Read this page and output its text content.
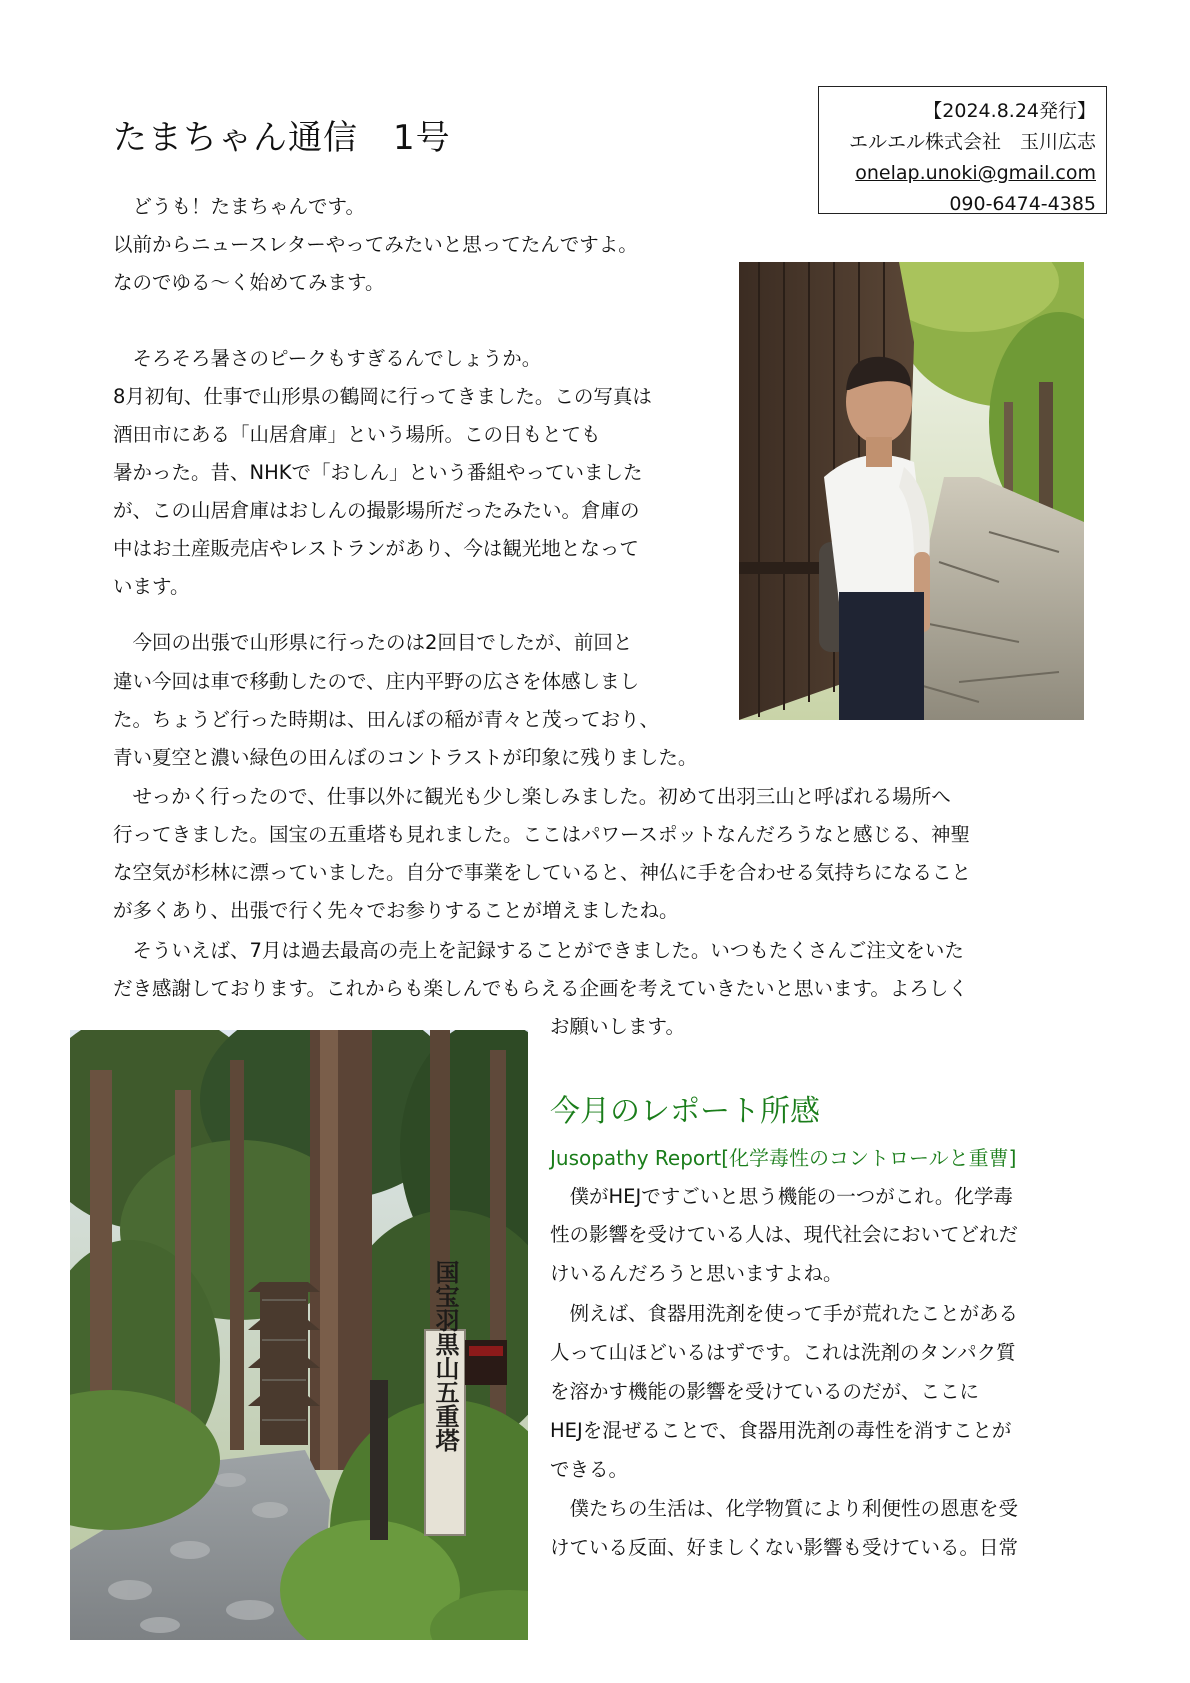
たまちゃん通信　1号
【2024.8.24発行】
エルエル株式会社　玉川広志
onelap.unoki@gmail.com
090-6474-4385
　どうも！たまちゃんです。
以前からニュースレターやってみたいと思ってたんですよ。
なのでゆる〜く始めてみます。
　そろそろ暑さのピークもすぎるんでしょうか。
8月初旬、仕事で山形県の鶴岡に行ってきました。この写真は
酒田市にある「山居倉庫」という場所。この日もとても
暑かった。昔、NHKで「おしん」という番組やっていました
が、この山居倉庫はおしんの撮影場所だったみたい。倉庫の
中はお土産販売店やレストランがあり、今は観光地となって
います。
　今回の出張で山形県に行ったのは2回目でしたが、前回と
違い今回は車で移動したので、庄内平野の広さを体感しまし
た。ちょうど行った時期は、田んぼの稲が青々と茂っており、
青い夏空と濃い緑色の田んぼのコントラストが印象に残りました。
　せっかく行ったので、仕事以外に観光も少し楽しみました。初めて出羽三山と呼ばれる場所へ
行ってきました。国宝の五重塔も見れました。ここはパワースポットなんだろうなと感じる、神聖
な空気が杉林に漂っていました。自分で事業をしていると、神仏に手を合わせる気持ちになること
が多くあり、出張で行く先々でお参りすることが増えましたね。
　そういえば、7月は過去最高の売上を記録することができました。いつもたくさんご注文をいた
だき感謝しております。これからも楽しんでもらえる企画を考えていきたいと思います。よろしく
お願いします。
今月のレポート所感
Jusopathy Report[化学毒性のコントロールと重曹]
　僕がHEJですごいと思う機能の一つがこれ。化学毒
性の影響を受けている人は、現代社会においてどれだ
けいるんだろうと思いますよね。
　例えば、食器用洗剤を使って手が荒れたことがある
人って山ほどいるはずです。これは洗剤のタンパク質
を溶かす機能の影響を受けているのだが、ここに
HEJを混ぜることで、食器用洗剤の毒性を消すことが
できる。
　僕たちの生活は、化学物質により利便性の恩恵を受
けている反面、好ましくない影響も受けている。日常
国宝羽黒山五重塔
